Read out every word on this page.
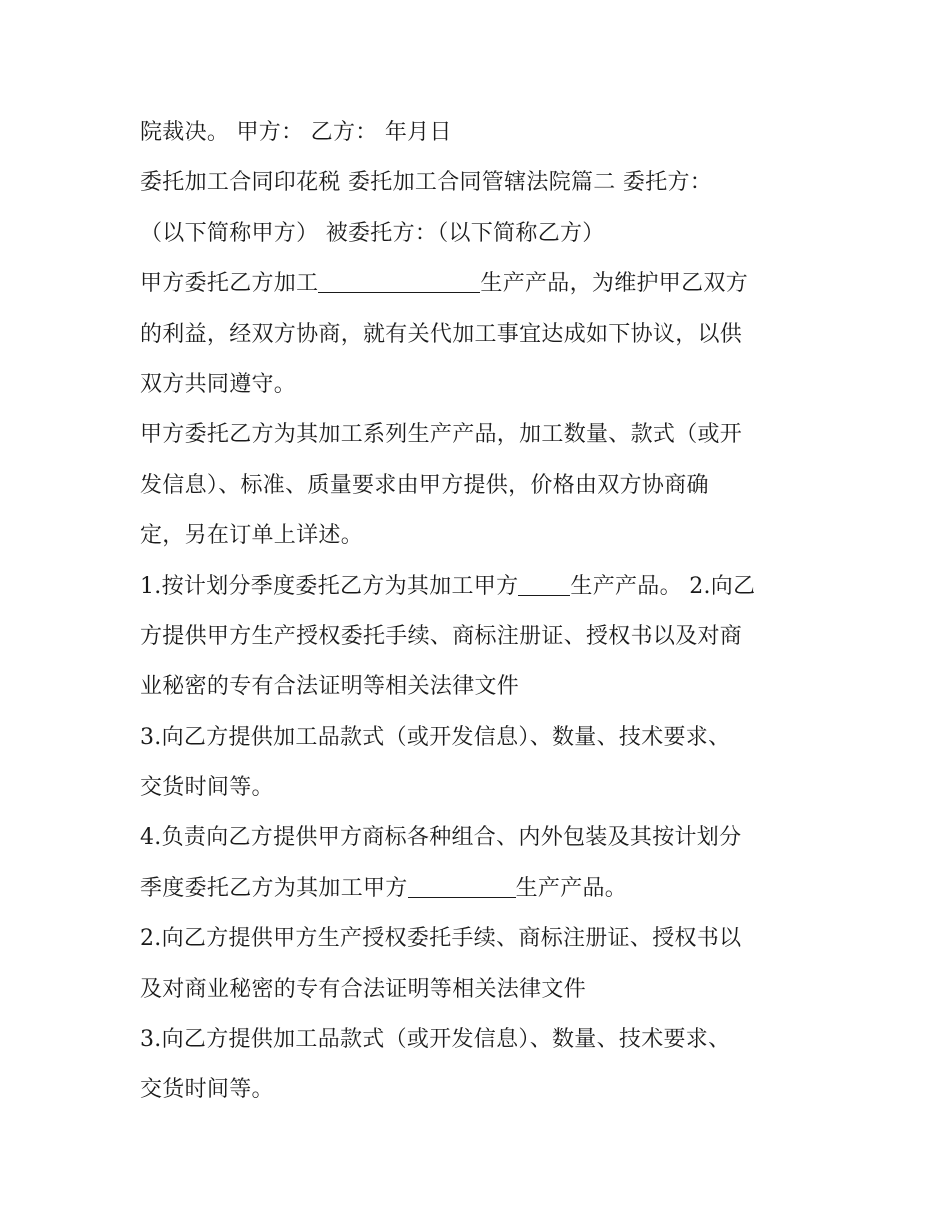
院裁决。 甲方： 乙方： 年月日
委托加工合同印花税 委托加工合同管辖法院篇二 委托方：
（以下简称甲方） 被委托方：（以下简称乙方）
甲方委托乙方加工	生产产品，为维护甲乙双方
的利益，经双方协商，就有关代加工事宜达成如下协议，以供
双方共同遵守。
甲方委托乙方为其加工系列生产产品，加工数量、款式（或开
发信息）、标准、质量要求由甲方提供，价格由双方协商确
定，另在订单上详述。
1.按计划分季度委托乙方为其加工甲方 生产产品。 2.向乙
方提供甲方生产授权委托手续、商标注册证、授权书以及对商
业秘密的专有合法证明等相关法律文件
3.向乙方提供加工品款式（或开发信息）、数量、技术要求、
交货时间等。
4.负责向乙方提供甲方商标各种组合、内外包装及其按计划分
季度委托乙方为其加工甲方	生产产品。
2.向乙方提供甲方生产授权委托手续、商标注册证、授权书以
及对商业秘密的专有合法证明等相关法律文件
3.向乙方提供加工品款式（或开发信息）、数量、技术要求、
交货时间等。
